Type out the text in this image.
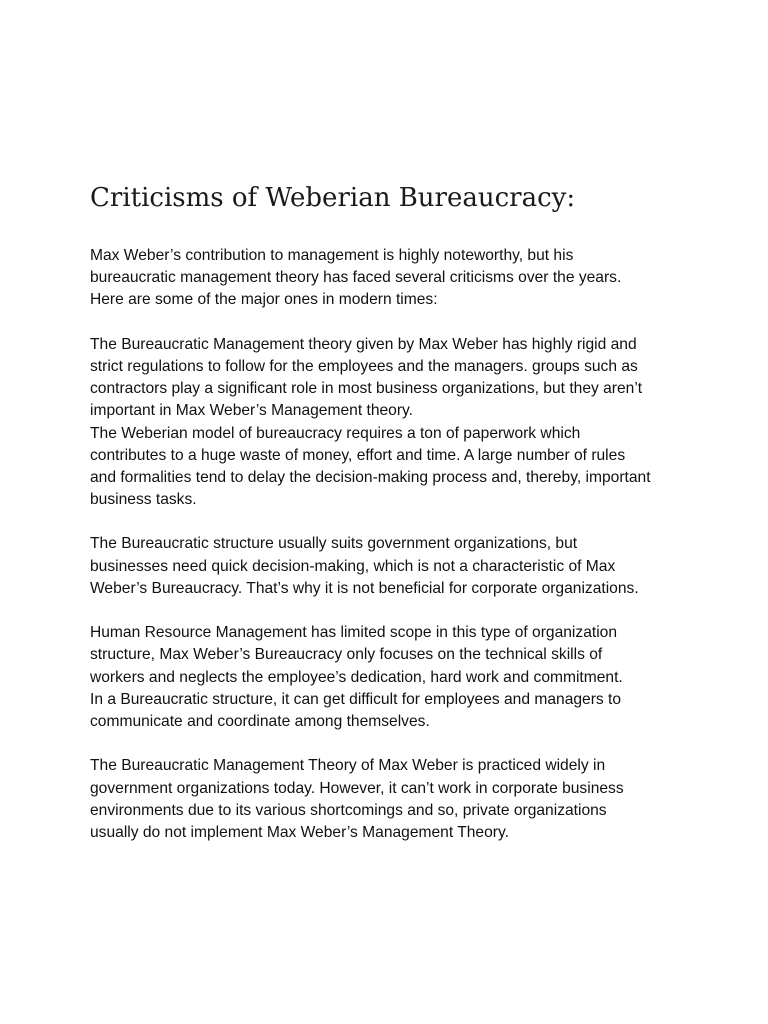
Criticisms of Weberian Bureaucracy:

Max Weber’s contribution to management is highly noteworthy, but his
bureaucratic management theory has faced several criticisms over the years.
Here are some of the major ones in modern times:

The Bureaucratic Management theory given by Max Weber has highly rigid and
strict regulations to follow for the employees and the managers. groups such as
contractors play a significant role in most business organizations, but they aren’t
important in Max Weber’s Management theory.
The Weberian model of bureaucracy requires a ton of paperwork which
contributes to a huge waste of money, effort and time. A large number of rules
and formalities tend to delay the decision-making process and, thereby, important
business tasks.

The Bureaucratic structure usually suits government organizations, but
businesses need quick decision-making, which is not a characteristic of Max
Weber’s Bureaucracy. That’s why it is not beneficial for corporate organizations.

Human Resource Management has limited scope in this type of organization
structure, Max Weber’s Bureaucracy only focuses on the technical skills of
workers and neglects the employee’s dedication, hard work and commitment.
In a Bureaucratic structure, it can get difficult for employees and managers to
communicate and coordinate among themselves.

The Bureaucratic Management Theory of Max Weber is practiced widely in
government organizations today. However, it can’t work in corporate business
environments due to its various shortcomings and so, private organizations
usually do not implement Max Weber’s Management Theory.
